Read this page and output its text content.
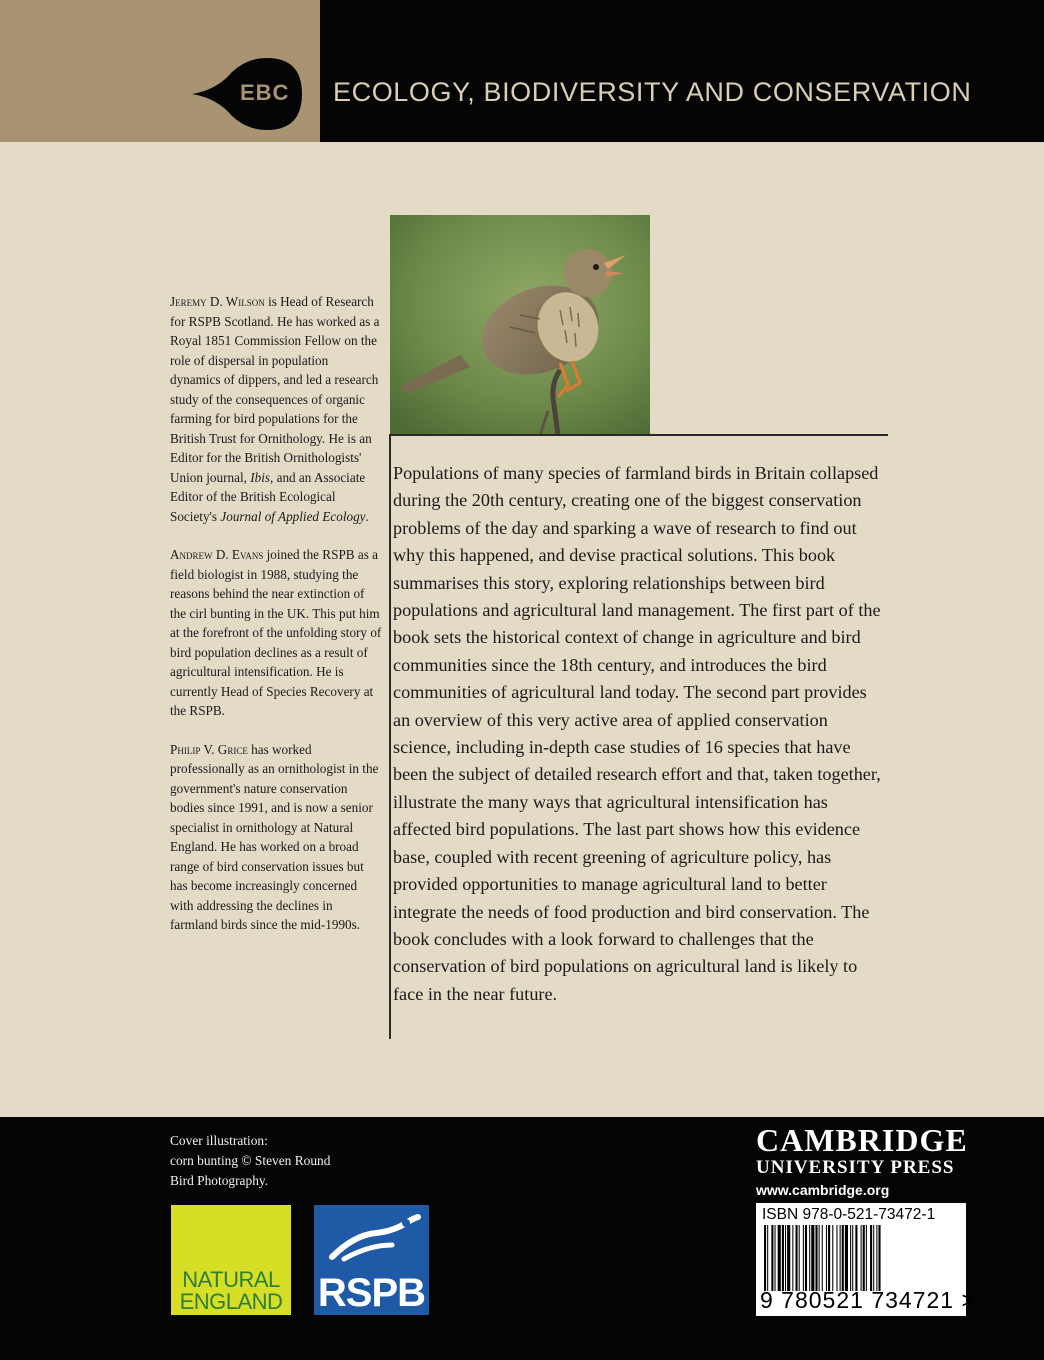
EBC ECOLOGY, BIODIVERSITY AND CONSERVATION

Jeremy D. Wilson is Head of Research for RSPB Scotland. He has worked as a Royal 1851 Commission Fellow on the role of dispersal in population dynamics of dippers, and led a research study of the consequences of organic farming for bird populations for the British Trust for Ornithology. He is an Editor for the British Ornithologists' Union journal, Ibis, and an Associate Editor of the British Ecological Society's Journal of Applied Ecology.

Andrew D. Evans joined the RSPB as a field biologist in 1988, studying the reasons behind the near extinction of the cirl bunting in the UK. This put him at the forefront of the unfolding story of bird population declines as a result of agricultural intensification. He is currently Head of Species Recovery at the RSPB.

Philip V. Grice has worked professionally as an ornithologist in the government's nature conservation bodies since 1991, and is now a senior specialist in ornithology at Natural England. He has worked on a broad range of bird conservation issues but has become increasingly concerned with addressing the declines in farmland birds since the mid-1990s.

Populations of many species of farmland birds in Britain collapsed during the 20th century, creating one of the biggest conservation problems of the day and sparking a wave of research to find out why this happened, and devise practical solutions. This book summarises this story, exploring relationships between bird populations and agricultural land management. The first part of the book sets the historical context of change in agriculture and bird communities since the 18th century, and introduces the bird communities of agricultural land today. The second part provides an overview of this very active area of applied conservation science, including in-depth case studies of 16 species that have been the subject of detailed research effort and that, taken together, illustrate the many ways that agricultural intensification has affected bird populations. The last part shows how this evidence base, coupled with recent greening of agriculture policy, has provided opportunities to manage agricultural land to better integrate the needs of food production and bird conservation. The book concludes with a look forward to challenges that the conservation of bird populations on agricultural land is likely to face in the near future.

Cover illustration:
corn bunting © Steven Round
Bird Photography.
NATURAL
ENGLAND RSPB
CAMBRIDGE
UNIVERSITY PRESS
www.cambridge.org
ISBN 978-0-521-73472-1
9 780521 734721 >
